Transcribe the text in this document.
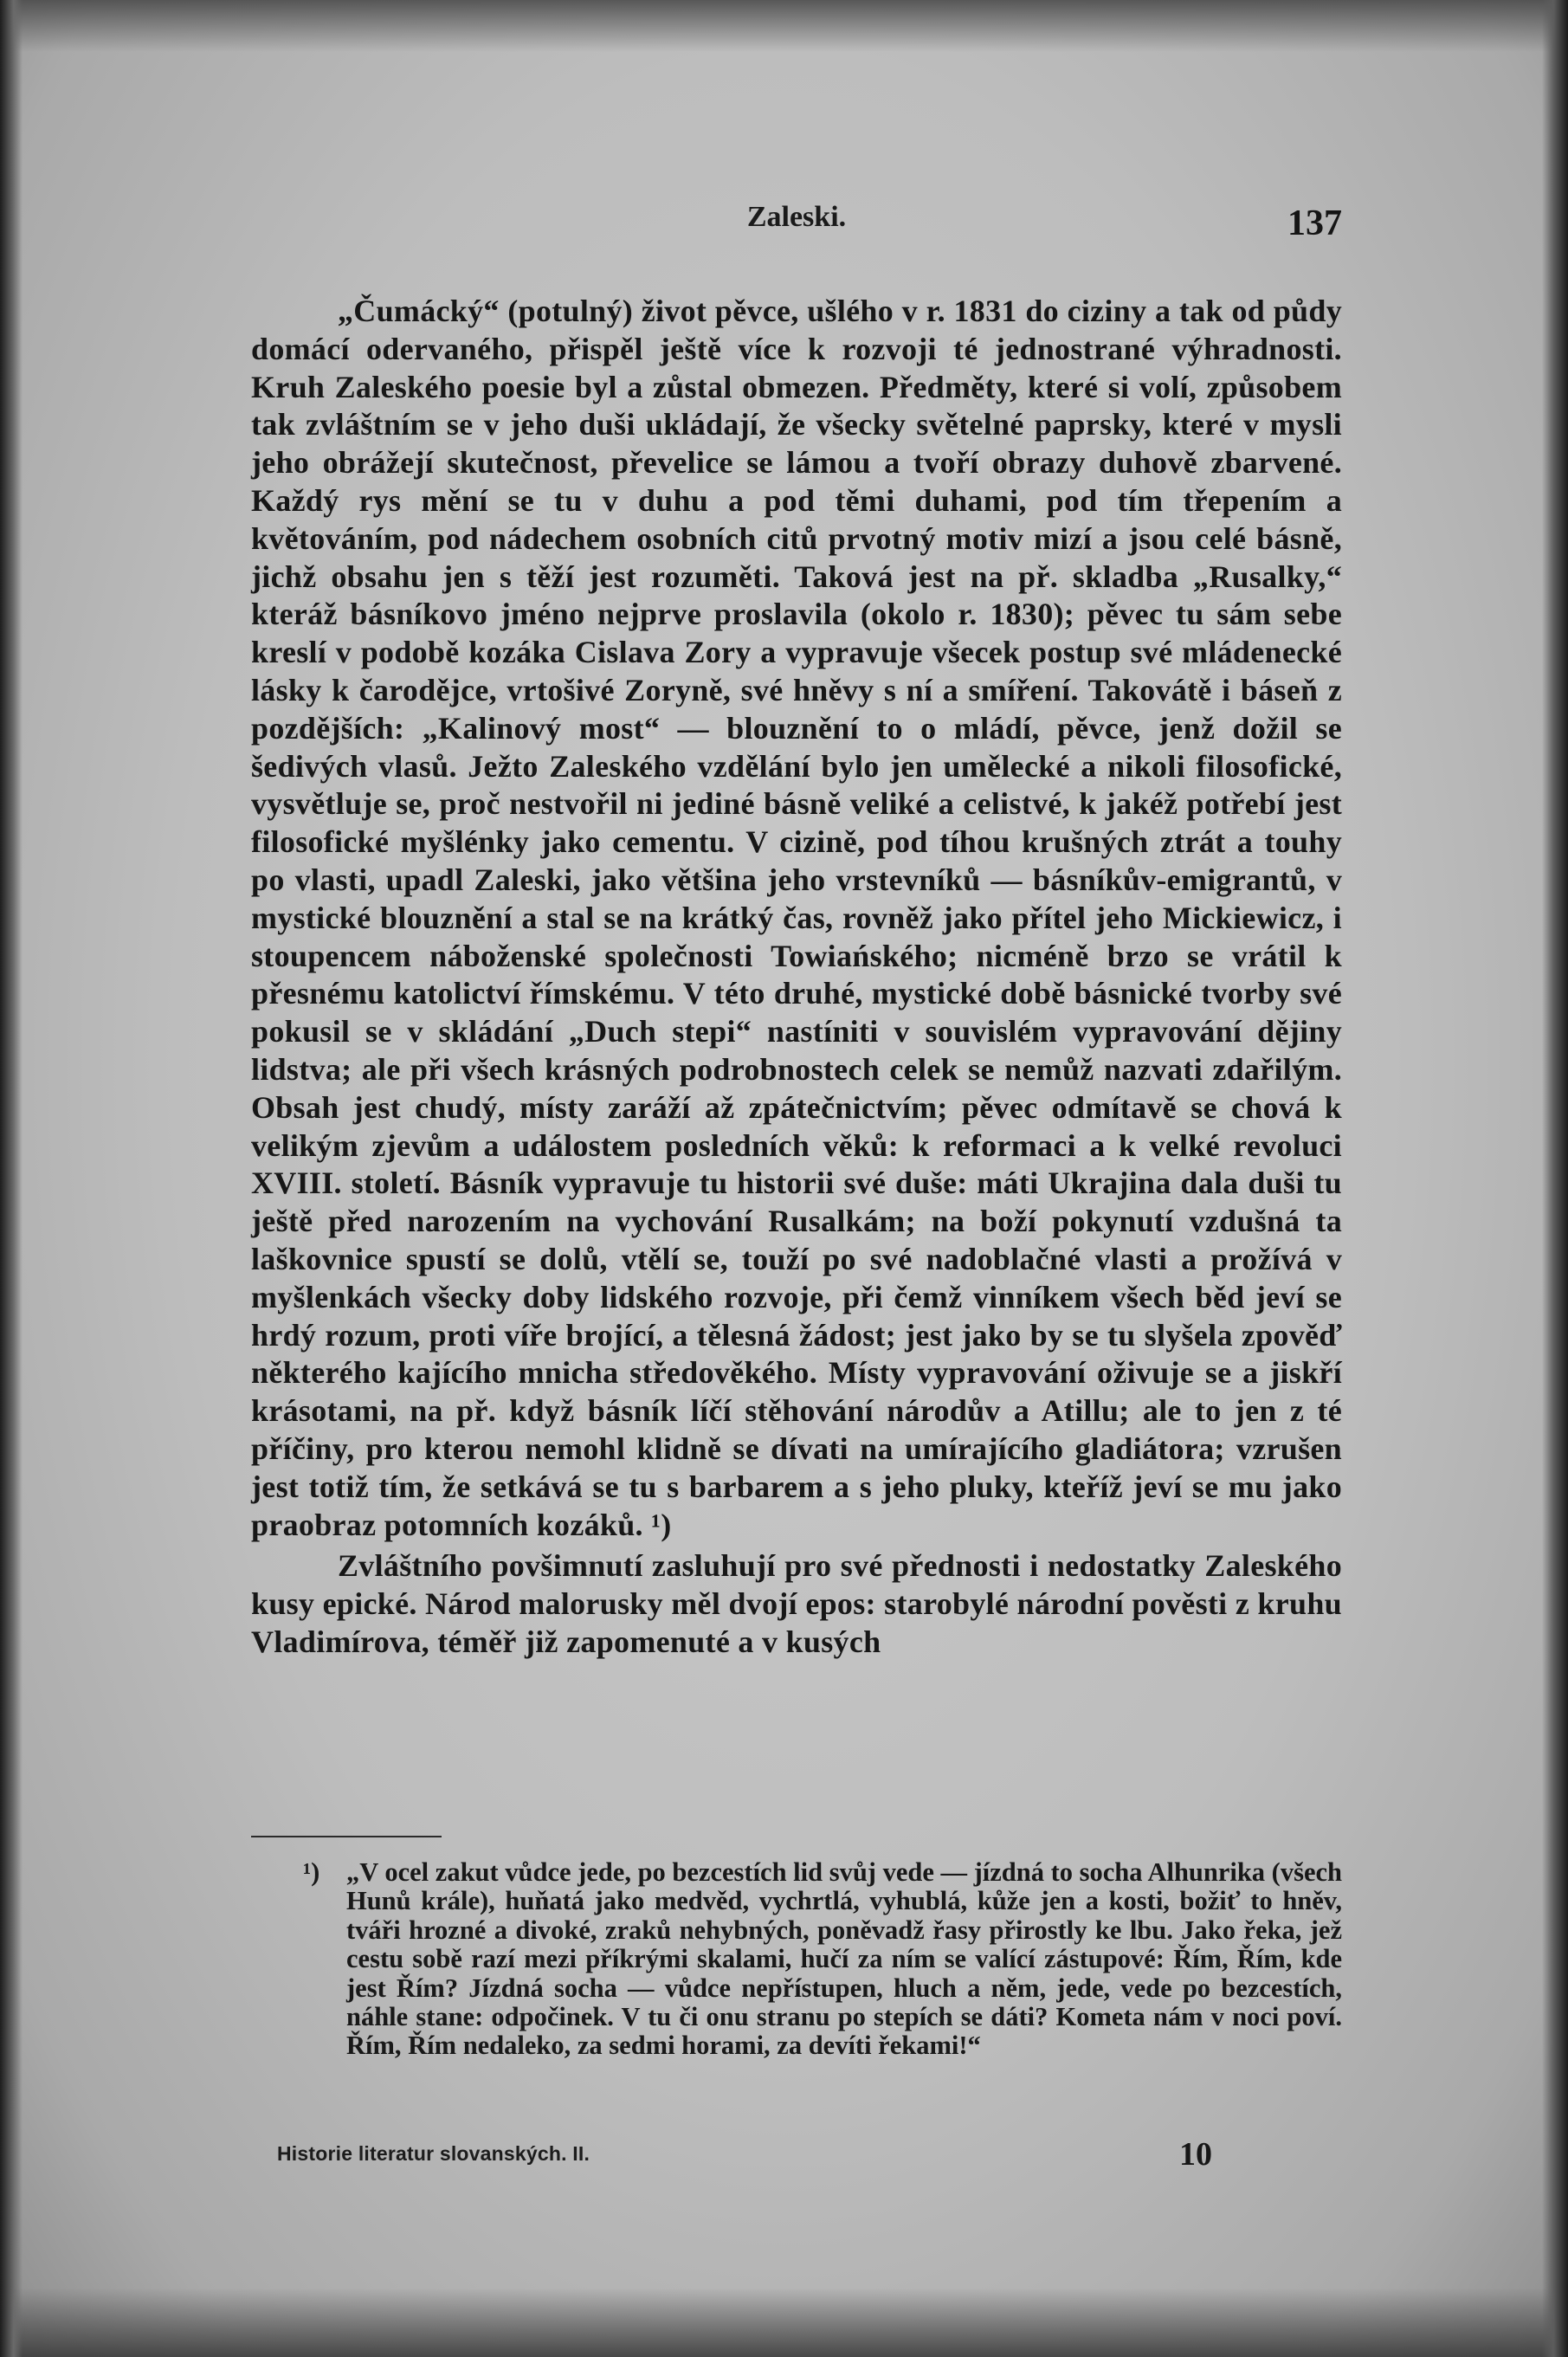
Zaleski.	137

„Čumácký“ (potulný) život pěvce, ušlého v r. 1831 do ciziny a tak od půdy domácí odervaného, přispěl ještě více k rozvoji té jednostrané výhradnosti. Kruh Zaleského poesie byl a zůstal obmezen. Předměty, které si volí, způsobem tak zvláštním se v jeho duši ukládají, že všecky světelné paprsky, které v mysli jeho obrážejí skutečnost, převelice se lámou a tvoří obrazy duhově zbarvené. Každý rys mění se tu v duhu a pod těmi duhami, pod tím třepením a květováním, pod nádechem osobních citů prvotný motiv mizí a jsou celé básně, jichž obsahu jen s těží jest rozuměti. Taková jest na př. skladba „Rusalky,“ kteráž básníkovo jméno nejprve proslavila (okolo r. 1830); pěvec tu sám sebe kreslí v podobě kozáka Cislava Zory a vypravuje všecek postup své mládenecké lásky k čarodějce, vrtošivé Zoryně, své hněvy s ní a smíření. Takovátě i báseň z pozdějších: „Kalinový most“ — blouznění to o mládí, pěvce, jenž dožil se šedivých vlasů. Ježto Zaleského vzdělání bylo jen umělecké a nikoli filosofické, vysvětluje se, proč nestvořil ni jediné básně veliké a celistvé, k jakéž potřebí jest filosofické myšlénky jako cementu. V cizině, pod tíhou krušných ztrát a touhy po vlasti, upadl Zaleski, jako většina jeho vrstevníků — básníkův-emigrantů, v mystické blouznění a stal se na krátký čas, rovněž jako přítel jeho Mickiewicz, i stoupencem náboženské společnosti Towiańského; nicméně brzo se vrátil k přesnému katolictví římskému. V této druhé, mystické době básnické tvorby své pokusil se v skládání „Duch stepi“ nastíniti v souvislém vypravování dějiny lidstva; ale při všech krásných podrobnostech celek se nemůž nazvati zdařilým. Obsah jest chudý, místy zaráží až zpátečnictvím; pěvec odmítavě se chová k velikým zjevům a událostem posledních věků: k reformaci a k velké revoluci XVIII. století. Básník vypravuje tu historii své duše: máti Ukrajina dala duši tu ještě před narozením na vychování Rusalkám; na boží pokynutí vzdušná ta laškovnice spustí se dolů, vtělí se, touží po své nadoblačné vlasti a prožívá v myšlenkách všecky doby lidského rozvoje, při čemž vinníkem všech běd jeví se hrdý rozum, proti víře brojící, a tělesná žádost; jest jako by se tu slyšela zpověď některého kajícího mnicha středověkého. Místy vypravování oživuje se a jiskří krásotami, na př. když básník líčí stěhování národův a Atillu; ale to jen z té příčiny, pro kterou nemohl klidně se dívati na umírajícího gladiátora; vzrušen jest totiž tím, že setkává se tu s barbarem a s jeho pluky, kteříž jeví se mu jako praobraz potomních kozáků. ¹)

Zvláštního povšimnutí zasluhují pro své přednosti i nedostatky Zaleského kusy epické. Národ malorusky měl dvojí epos: starobylé národní pověsti z kruhu Vladimírova, téměř již zapomenuté a v kusých

¹) „V ocel zakut vůdce jede, po bezcestích lid svůj vede — jízdná to socha Alhunrika (všech Hunů krále), huňatá jako medvěd, vychrtlá, vyhublá, kůže jen a kosti, božiť to hněv, tváři hrozné a divoké, zraků nehybných, poněvadž řasy přirostly ke lbu. Jako řeka, jež cestu sobě razí mezi příkrými skalami, hučí za ním se valící zástupové: Řím, Řím, kde jest Řím? Jízdná socha — vůdce nepřístupen, hluch a něm, jede, vede po bezcestích, náhle stane: odpočinek. V tu či onu stranu po stepích se dáti? Kometa nám v noci poví. Řím, Řím nedaleko, za sedmi horami, za devíti řekami!“

Historie literatur slovanských. II.	10
